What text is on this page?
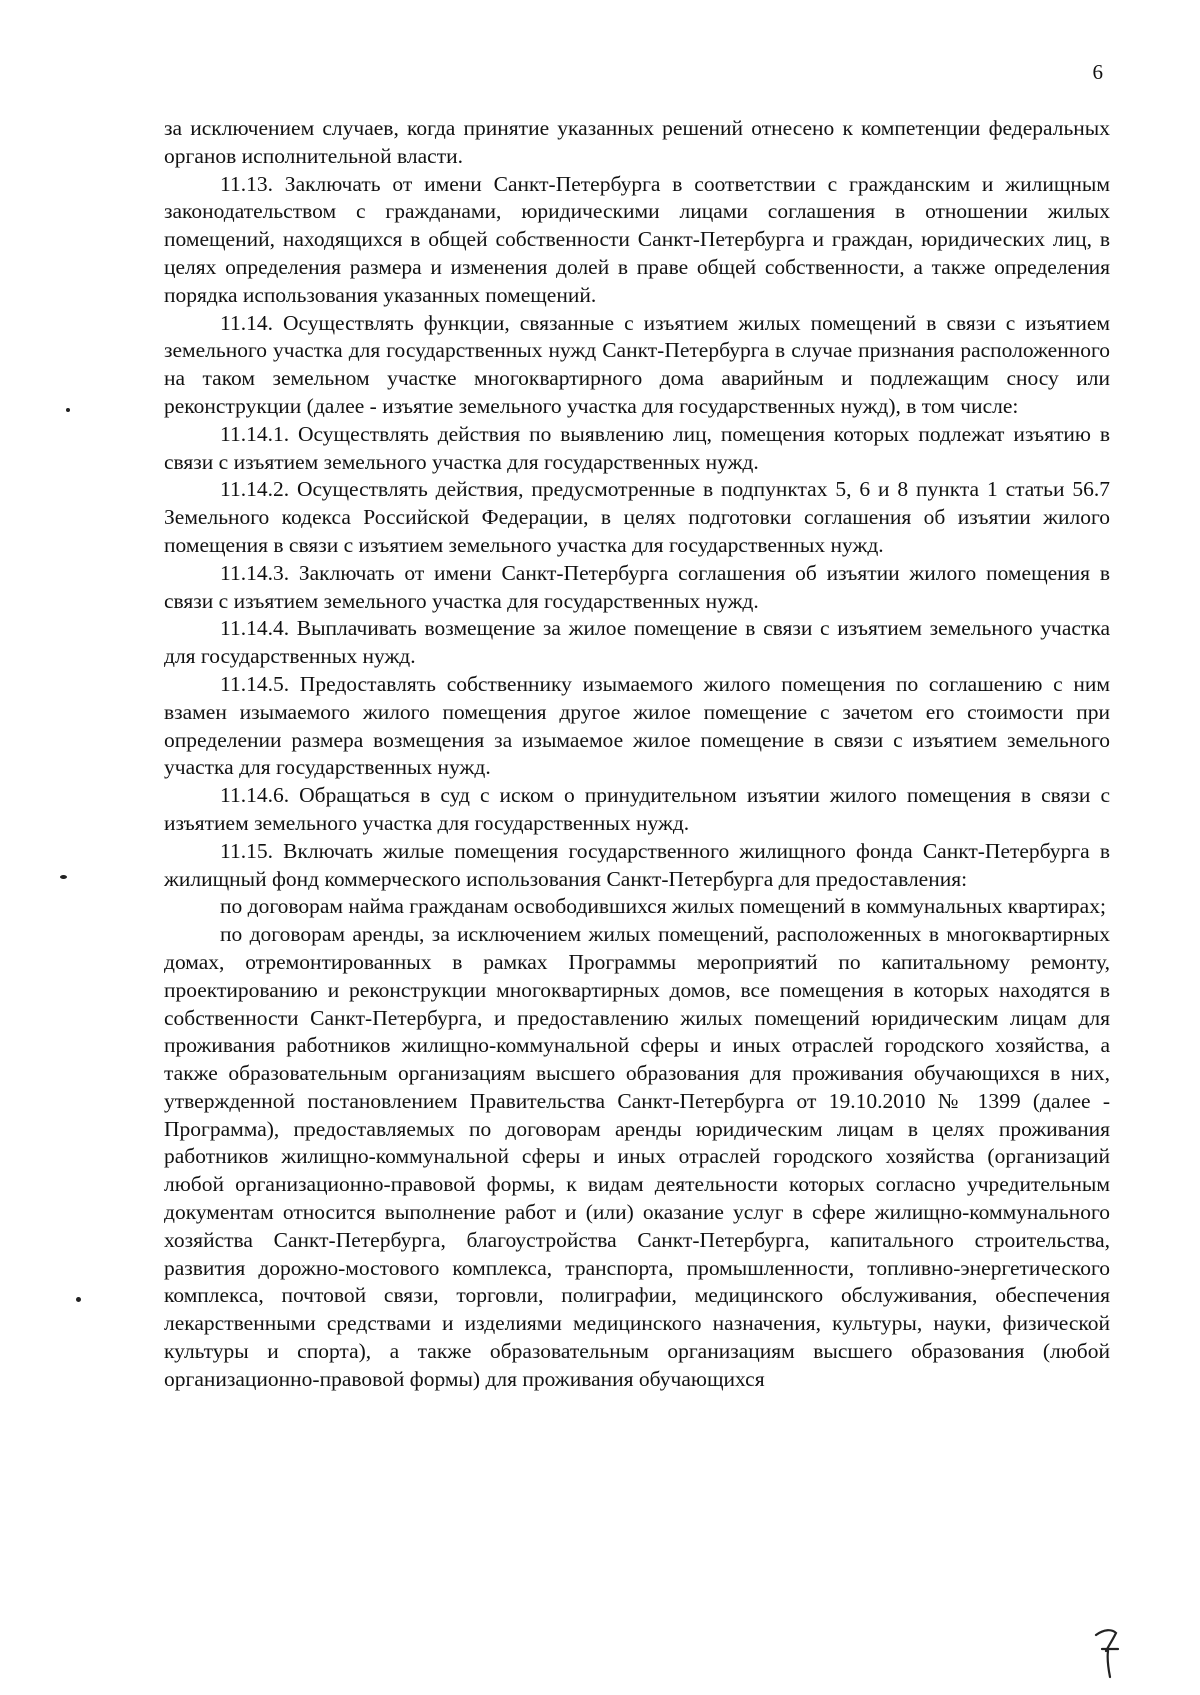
6

за исключением случаев, когда принятие указанных решений отнесено к компетенции федеральных органов исполнительной власти.

11.13. Заключать от имени Санкт-Петербурга в соответствии с гражданским и жилищным законодательством с гражданами, юридическими лицами соглашения в отношении жилых помещений, находящихся в общей собственности Санкт-Петербурга и граждан, юридических лиц, в целях определения размера и изменения долей в праве общей собственности, а также определения порядка использования указанных помещений.

11.14. Осуществлять функции, связанные с изъятием жилых помещений в связи с изъятием земельного участка для государственных нужд Санкт-Петербурга в случае признания расположенного на таком земельном участке многоквартирного дома аварийным и подлежащим сносу или реконструкции (далее - изъятие земельного участка для государственных нужд), в том числе:

11.14.1. Осуществлять действия по выявлению лиц, помещения которых подлежат изъятию в связи с изъятием земельного участка для государственных нужд.

11.14.2. Осуществлять действия, предусмотренные в подпунктах 5, 6 и 8 пункта 1 статьи 56.7 Земельного кодекса Российской Федерации, в целях подготовки соглашения об изъятии жилого помещения в связи с изъятием земельного участка для государственных нужд.

11.14.3. Заключать от имени Санкт-Петербурга соглашения об изъятии жилого помещения в связи с изъятием земельного участка для государственных нужд.

11.14.4. Выплачивать возмещение за жилое помещение в связи с изъятием земельного участка для государственных нужд.

11.14.5. Предоставлять собственнику изымаемого жилого помещения по соглашению с ним взамен изымаемого жилого помещения другое жилое помещение с зачетом его стоимости при определении размера возмещения за изымаемое жилое помещение в связи с изъятием земельного участка для государственных нужд.

11.14.6. Обращаться в суд с иском о принудительном изъятии жилого помещения в связи с изъятием земельного участка для государственных нужд.

11.15. Включать жилые помещения государственного жилищного фонда Санкт-Петербурга в жилищный фонд коммерческого использования Санкт-Петербурга для предоставления:

по договорам найма гражданам освободившихся жилых помещений в коммунальных квартирах;

по договорам аренды, за исключением жилых помещений, расположенных в многоквартирных домах, отремонтированных в рамках Программы мероприятий по капитальному ремонту, проектированию и реконструкции многоквартирных домов, все помещения в которых находятся в собственности Санкт-Петербурга, и предоставлению жилых помещений юридическим лицам для проживания работников жилищно-коммунальной сферы и иных отраслей городского хозяйства, а также образовательным организациям высшего образования для проживания обучающихся в них, утвержденной постановлением Правительства Санкт-Петербурга от 19.10.2010 № 1399 (далее - Программа), предоставляемых по договорам аренды юридическим лицам в целях проживания работников жилищно-коммунальной сферы и иных отраслей городского хозяйства (организаций любой организационно-правовой формы, к видам деятельности которых согласно учредительным документам относится выполнение работ и (или) оказание услуг в сфере жилищно-коммунального хозяйства Санкт-Петербурга, благоустройства Санкт-Петербурга, капитального строительства, развития дорожно-мостового комплекса, транспорта, промышленности, топливно-энергетического комплекса, почтовой связи, торговли, полиграфии, медицинского обслуживания, обеспечения лекарственными средствами и изделиями медицинского назначения, культуры, науки, физической культуры и спорта), а также образовательным организациям высшего образования (любой организационно-правовой формы) для проживания обучающихся
